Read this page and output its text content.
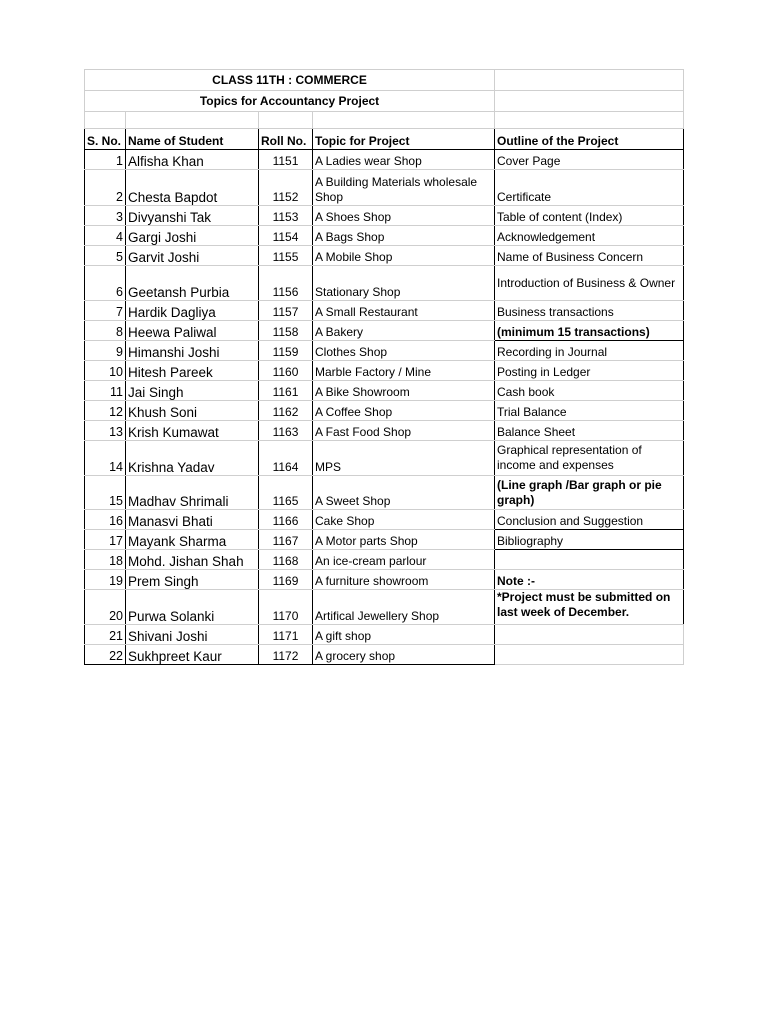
CLASS 11TH : COMMERCE				
Topics for Accountancy Project				

S. No.	Name of Student	Roll No.	Topic for Project	Outline of the Project
1	Alfisha Khan	1151	A Ladies wear Shop	Cover Page
2	Chesta Bapdot	1152	A Building Materials wholesale Shop	Certificate
3	Divyanshi Tak	1153	A Shoes Shop	Table of content (Index)
4	Gargi Joshi	1154	A Bags Shop	Acknowledgement
5	Garvit Joshi	1155	A Mobile Shop	Name of Business Concern
6	Geetansh Purbia	1156	Stationary Shop	Introduction of Business & Owner
7	Hardik Dagliya	1157	A Small Restaurant	Business transactions
8	Heewa Paliwal	1158	A Bakery	(minimum 15 transactions)
9	Himanshi Joshi	1159	Clothes Shop	Recording in Journal
10	Hitesh Pareek	1160	Marble Factory / Mine	Posting in Ledger
11	Jai Singh	1161	A Bike Showroom	Cash book
12	Khush Soni	1162	A Coffee Shop	Trial Balance
13	Krish Kumawat	1163	A Fast Food Shop	Balance Sheet
14	Krishna Yadav	1164	MPS	Graphical representation of income and expenses
15	Madhav Shrimali	1165	A Sweet Shop	(Line graph /Bar graph or pie graph)
16	Manasvi Bhati	1166	Cake Shop	Conclusion and Suggestion
17	Mayank Sharma	1167	A Motor parts Shop	Bibliography
18	Mohd. Jishan Shah	1168	An ice-cream parlour	
19	Prem Singh	1169	A furniture showroom	Note :-
20	Purwa Solanki	1170	Artifical Jewellery Shop	*Project must be submitted on last week of December.
21	Shivani Joshi	1171	A gift shop	
22	Sukhpreet Kaur	1172	A grocery shop	
